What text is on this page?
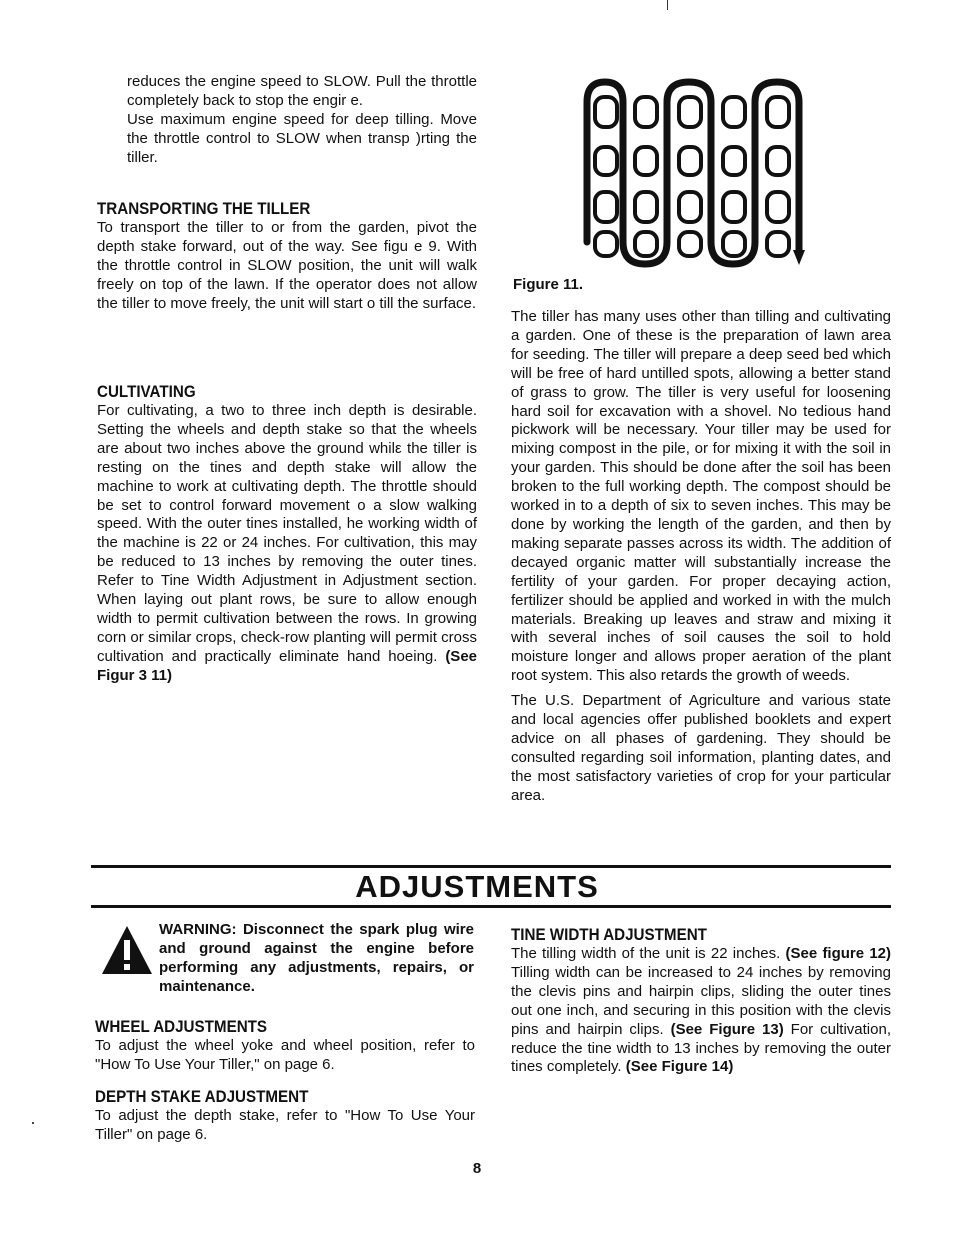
reduces the engine speed to SLOW. Pull the throttle completely back to stop the engir e.

Use maximum engine speed for deep tilling. Move the throttle control to SLOW when transp )rting the tiller.

TRANSPORTING THE TILLER

To transport the tiller to or from the garden, pivot the depth stake forward, out of the way. See figu e 9. With the throttle control in SLOW position, the unit will walk freely on top of the lawn. If the operator does not allow the tiller to move freely, the unit will start o till the surface.

CULTIVATING

For cultivating, a two to three inch depth is desirable. Setting the wheels and depth stake so that the wheels are about two inches above the ground whilε the tiller is resting on the tines and depth stake will allow the machine to work at cultivating depth. The throttle should be set to control forward movement o a slow walking speed. With the outer tines installed, he working width of the machine is 22 or 24 inches. For cultivation, this may be reduced to 13 inches by removing the outer tines. Refer to Tine Width Adjustment in Adjustment section. When laying out plant rows, be sure to allow enough width to permit cultivation between the rows. In growing corn or similar crops, check-row planting will permit cross cultivation and practically eliminate hand hoeing. (See Figur 3 11)

Figure 11.

The tiller has many uses other than tilling and cultivating a garden. One of these is the preparation of lawn area for seeding. The tiller will prepare a deep seed bed which will be free of hard untilled spots, allowing a better stand of grass to grow. The tiller is very useful for loosening hard soil for excavation with a shovel. No tedious hand pickwork will be necessary. Your tiller may be used for mixing compost in the pile, or for mixing it with the soil in your garden. This should be done after the soil has been broken to the full working depth. The compost should be worked in to a depth of six to seven inches. This may be done by working the length of the garden, and then by making separate passes across its width. The addition of decayed organic matter will substantially increase the fertility of your garden. For proper decaying action, fertilizer should be applied and worked in with the mulch materials. Breaking up leaves and straw and mixing it with several inches of soil causes the soil to hold moisture longer and allows proper aeration of the plant root system. This also retards the growth of weeds.

The U.S. Department of Agriculture and various state and local agencies offer published booklets and expert advice on all phases of gardening. They should be consulted regarding soil information, planting dates, and the most satisfactory varieties of crop for your particular area.

ADJUSTMENTS
WARNING: Disconnect the spark plug wire and ground against the engine before performing any adjustments, repairs, or maintenance.
WHEEL ADJUSTMENTS

To adjust the wheel yoke and wheel position, refer to "How To Use Your Tiller," on page 6.

DEPTH STAKE ADJUSTMENT

To adjust the depth stake, refer to "How To Use Your Tiller" on page 6.

TINE WIDTH ADJUSTMENT

The tilling width of the unit is 22 inches. (See figure 12) Tilling width can be increased to 24 inches by removing the clevis pins and hairpin clips, sliding the outer tines out one inch, and securing in this position with the clevis pins and hairpin clips. (See Figure 13) For cultivation, reduce the tine width to 13 inches by removing the outer tines completely. (See Figure 14)

8
